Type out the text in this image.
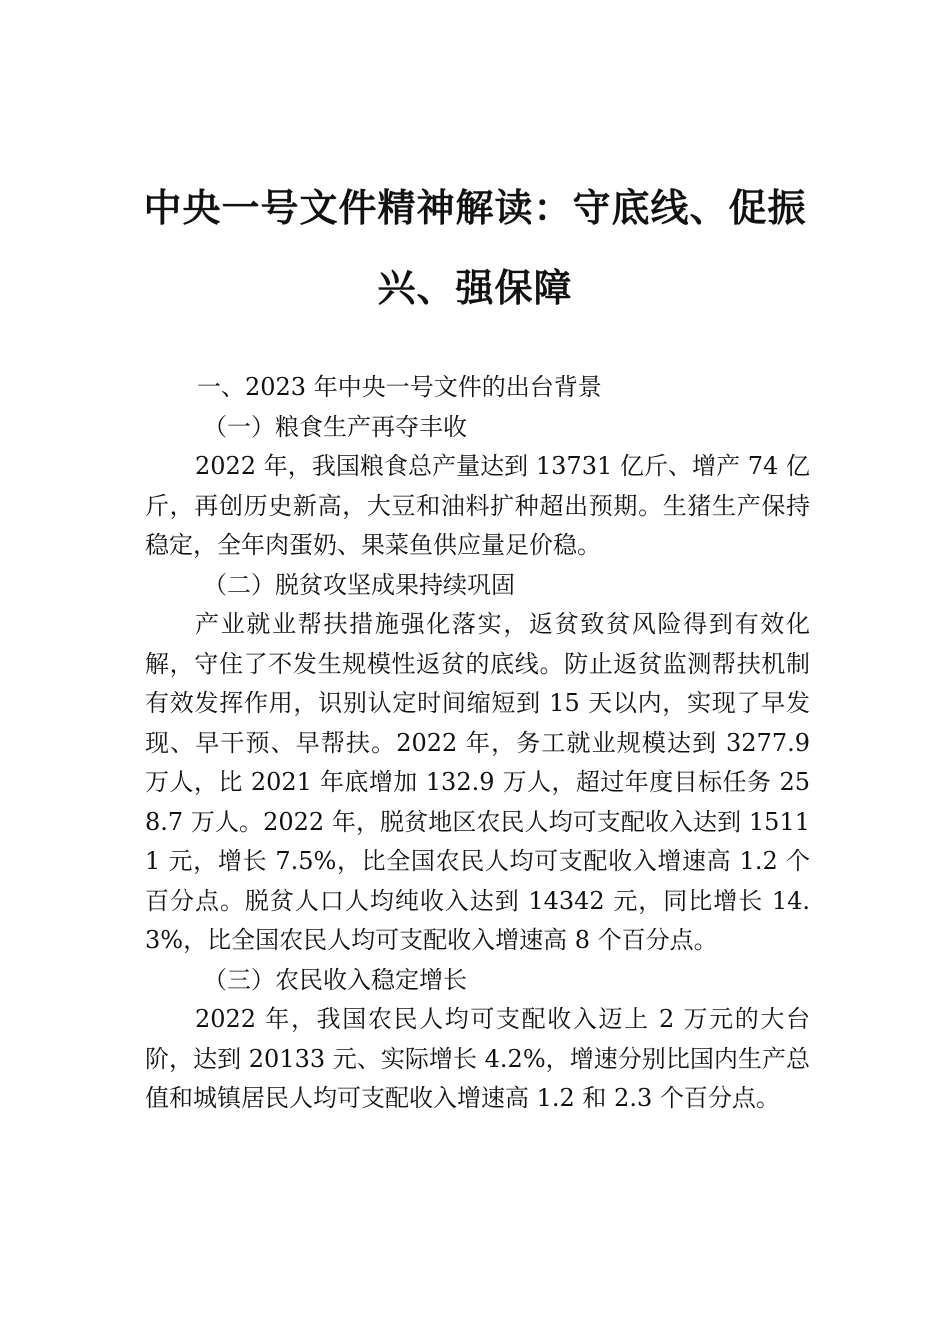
中央一号文件精神解读：守底线、促振
兴、强保障

一、2023 年中央一号文件的出台背景

（一）粮食生产再夺丰收

2022 年，我国粮食总产量达到 13731 亿斤、增产 74 亿斤，再创历史新高，大豆和油料扩种超出预期。生猪生产保持稳定，全年肉蛋奶、果菜鱼供应量足价稳。

（二）脱贫攻坚成果持续巩固

产业就业帮扶措施强化落实，返贫致贫风险得到有效化解，守住了不发生规模性返贫的底线。防止返贫监测帮扶机制有效发挥作用，识别认定时间缩短到 15 天以内，实现了早发现、早干预、早帮扶。2022 年，务工就业规模达到 3277.9 万人，比 2021 年底增加 132.9 万人，超过年度目标任务 258.7 万人。2022 年，脱贫地区农民人均可支配收入达到 15111 元，增长 7.5%，比全国农民人均可支配收入增速高 1.2 个百分点。脱贫人口人均纯收入达到 14342 元，同比增长 14.3%，比全国农民人均可支配收入增速高 8 个百分点。

（三）农民收入稳定增长

2022 年，我国农民人均可支配收入迈上 2 万元的大台阶，达到 20133 元、实际增长 4.2%，增速分别比国内生产总值和城镇居民人均可支配收入增速高 1.2 和 2.3 个百分点。
